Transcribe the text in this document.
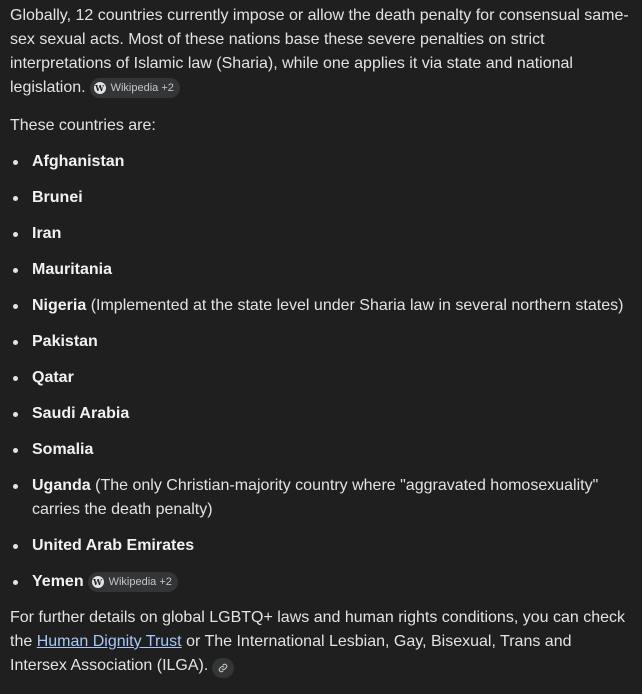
Globally, 12 countries currently impose or allow the death penalty for consensual same-sex sexual acts. Most of these nations base these severe penalties on strict interpretations of Islamic law (Sharia), while one applies it via state and national legislation. W Wikipedia +2

These countries are:

Afghanistan
Brunei
Iran
Mauritania
Nigeria (Implemented at the state level under Sharia law in several northern states)
Pakistan
Qatar
Saudi Arabia
Somalia
Uganda (The only Christian-majority country where "aggravated homosexuality" carries the death penalty)
United Arab Emirates
Yemen W Wikipedia +2

For further details on global LGBTQ+ laws and human rights conditions, you can check the Human Dignity Trust or The International Lesbian, Gay, Bisexual, Trans and Intersex Association (ILGA).
